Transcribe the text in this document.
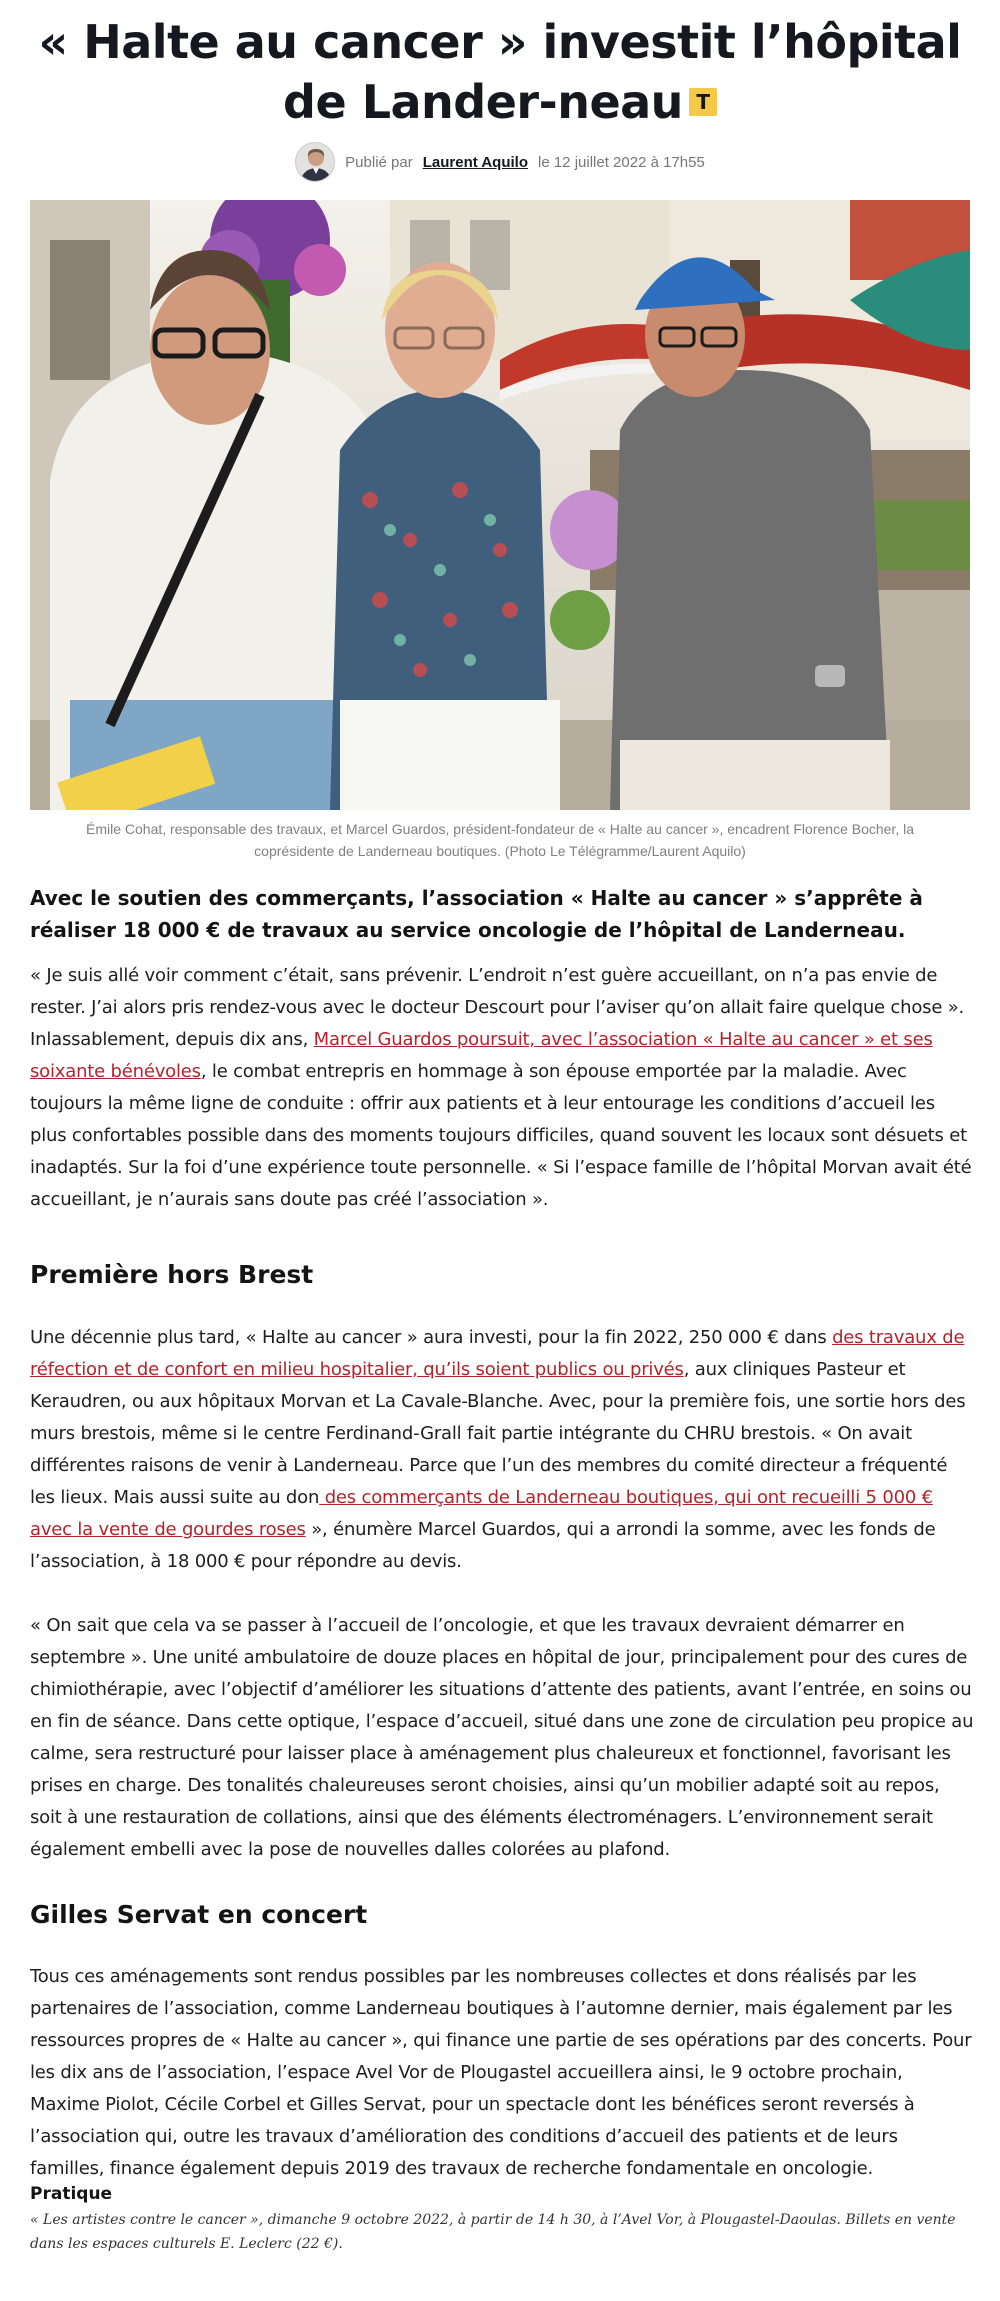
« Halte au cancer » investit l’hôpital de Lander-neau T
Publié par Laurent Aquilo le 12 juillet 2022 à 17h55

Émile Cohat, responsable des travaux, et Marcel Guardos, président-fondateur de « Halte au cancer », encadrent Florence Bocher, la coprésidente de Landerneau boutiques. (Photo Le Télégramme/Laurent Aquilo)

Avec le soutien des commerçants, l’association « Halte au cancer » s’apprête à réaliser 18 000 € de travaux au service oncologie de l’hôpital de Landerneau.

« Je suis allé voir comment c’était, sans prévenir. L’endroit n’est guère accueillant, on n’a pas envie de rester. J’ai alors pris rendez-vous avec le docteur Descourt pour l’aviser qu’on allait faire quelque chose ». Inlassablement, depuis dix ans, Marcel Guardos poursuit, avec l’association « Halte au cancer » et ses soixante bénévoles, le combat entrepris en hommage à son épouse emportée par la maladie. Avec toujours la même ligne de conduite : offrir aux patients et à leur entourage les conditions d’accueil les plus confortables possible dans des moments toujours difficiles, quand souvent les locaux sont désuets et inadaptés. Sur la foi d’une expérience toute personnelle. « Si l’espace famille de l’hôpital Morvan avait été accueillant, je n’aurais sans doute pas créé l’association ».

Première hors Brest

Une décennie plus tard, « Halte au cancer » aura investi, pour la fin 2022, 250 000 € dans des travaux de réfection et de confort en milieu hospitalier, qu’ils soient publics ou privés, aux cliniques Pasteur et Keraudren, ou aux hôpitaux Morvan et La Cavale-Blanche. Avec, pour la première fois, une sortie hors des murs brestois, même si le centre Ferdinand-Grall fait partie intégrante du CHRU brestois. « On avait différentes raisons de venir à Landerneau. Parce que l’un des membres du comité directeur a fréquenté les lieux. Mais aussi suite au don des commerçants de Landerneau boutiques, qui ont recueilli 5 000 € avec la vente de gourdes roses », énumère Marcel Guardos, qui a arrondi la somme, avec les fonds de l’association, à 18 000 € pour répondre au devis.

« On sait que cela va se passer à l’accueil de l’oncologie, et que les travaux devraient démarrer en septembre ». Une unité ambulatoire de douze places en hôpital de jour, principalement pour des cures de chimiothérapie, avec l’objectif d’améliorer les situations d’attente des patients, avant l’entrée, en soins ou en fin de séance. Dans cette optique, l’espace d’accueil, situé dans une zone de circulation peu propice au calme, sera restructuré pour laisser place à aménagement plus chaleureux et fonctionnel, favorisant les prises en charge. Des tonalités chaleureuses seront choisies, ainsi qu’un mobilier adapté soit au repos, soit à une restauration de collations, ainsi que des éléments électroménagers. L’environnement serait également embelli avec la pose de nouvelles dalles colorées au plafond.

Gilles Servat en concert

Tous ces aménagements sont rendus possibles par les nombreuses collectes et dons réalisés par les partenaires de l’association, comme Landerneau boutiques à l’automne dernier, mais également par les ressources propres de « Halte au cancer », qui finance une partie de ses opérations par des concerts. Pour les dix ans de l’association, l’espace Avel Vor de Plougastel accueillera ainsi, le 9 octobre prochain, Maxime Piolot, Cécile Corbel et Gilles Servat, pour un spectacle dont les bénéfices seront reversés à l’association qui, outre les travaux d’amélioration des conditions d’accueil des patients et de leurs familles, finance également depuis 2019 des travaux de recherche fondamentale en oncologie.

Pratique

« Les artistes contre le cancer », dimanche 9 octobre 2022, à partir de 14 h 30, à l’Avel Vor, à Plougastel-Daoulas. Billets en vente dans les espaces culturels E. Leclerc (22 €).
